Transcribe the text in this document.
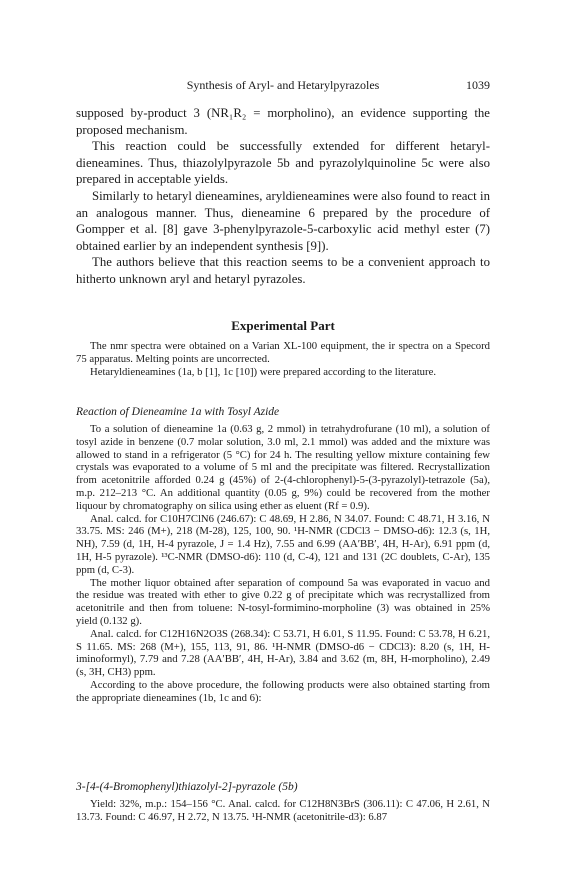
Synthesis of Aryl- and Hetarylpyrazoles	1039

supposed by-product 3 (NR₁R₂ = morpholino), an evidence supporting the proposed mechanism.

This reaction could be successfully extended for different hetaryl-dieneamines. Thus, thiazolylpyrazole 5b and pyrazolylquinoline 5c were also prepared in acceptable yields.

Similarly to hetaryl dieneamines, aryldieneamines were also found to react in an analogous manner. Thus, dieneamine 6 prepared by the procedure of Gompper et al. [8] gave 3-phenylpyrazole-5-carboxylic acid methyl ester (7) obtained earlier by an independent synthesis [9]).

The authors believe that this reaction seems to be a convenient approach to hitherto unknown aryl and hetaryl pyrazoles.

Experimental Part

The nmr spectra were obtained on a Varian XL-100 equipment, the ir spectra on a Specord 75 apparatus. Melting points are uncorrected.

Hetaryldieneamines (1a, b [1], 1c [10]) were prepared according to the literature.

Reaction of Dieneamine 1a with Tosyl Azide

To a solution of dieneamine 1a (0.63 g, 2 mmol) in tetrahydrofurane (10 ml), a solution of tosyl azide in benzene (0.7 molar solution, 3.0 ml, 2.1 mmol) was added and the mixture was allowed to stand in a refrigerator (5 °C) for 24 h. The resulting yellow mixture containing few crystals was evaporated to a volume of 5 ml and the precipitate was filtered. Recrystallization from acetonitrile afforded 0.24 g (45%) of 2-(4-chlorophenyl)-5-(3-pyrazolyl)-tetrazole (5a), m.p. 212–213 °C. An additional quantity (0.05 g, 9%) could be recovered from the mother liquour by chromatography on silica using ether as eluent (Rf = 0.9).

Anal. calcd. for C10H7ClN6 (246.67): C 48.69, H 2.86, N 34.07. Found: C 48.71, H 3.16, N 33.75. MS: 246 (M+), 218 (M-28), 125, 100, 90. ¹H-NMR (CDCl3 − DMSO-d6): 12.3 (s, 1H, NH), 7.59 (d, 1H, H-4 pyrazole, J = 1.4 Hz), 7.55 and 6.99 (AA′BB′, 4H, H-Ar), 6.91 ppm (d, 1H, H-5 pyrazole). ¹³C-NMR (DMSO-d6): 110 (d, C-4), 121 and 131 (2C doublets, C-Ar), 135 ppm (d, C-3).

The mother liquor obtained after separation of compound 5a was evaporated in vacuo and the residue was treated with ether to give 0.22 g of precipitate which was recrystallized from acetonitrile and then from toluene: N-tosyl-formimino-morpholine (3) was obtained in 25% yield (0.132 g).

Anal. calcd. for C12H16N2O3S (268.34): C 53.71, H 6.01, S 11.95. Found: C 53.78, H 6.21, S 11.65. MS: 268 (M+), 155, 113, 91, 86. ¹H-NMR (DMSO-d6 − CDCl3): 8.20 (s, 1H, H-iminoformyl), 7.79 and 7.28 (AA′BB′, 4H, H-Ar), 3.84 and 3.62 (m, 8H, H-morpholino), 2.49 (s, 3H, CH3) ppm.

According to the above procedure, the following products were also obtained starting from the appropriate dieneamines (1b, 1c and 6):

3-[4-(4-Bromophenyl)thiazolyl-2]-pyrazole (5b)

Yield: 32%, m.p.: 154–156 °C. Anal. calcd. for C12H8N3BrS (306.11): C 47.06, H 2.61, N 13.73. Found: C 46.97, H 2.72, N 13.75. ¹H-NMR (acetonitrile-d3): 6.87
